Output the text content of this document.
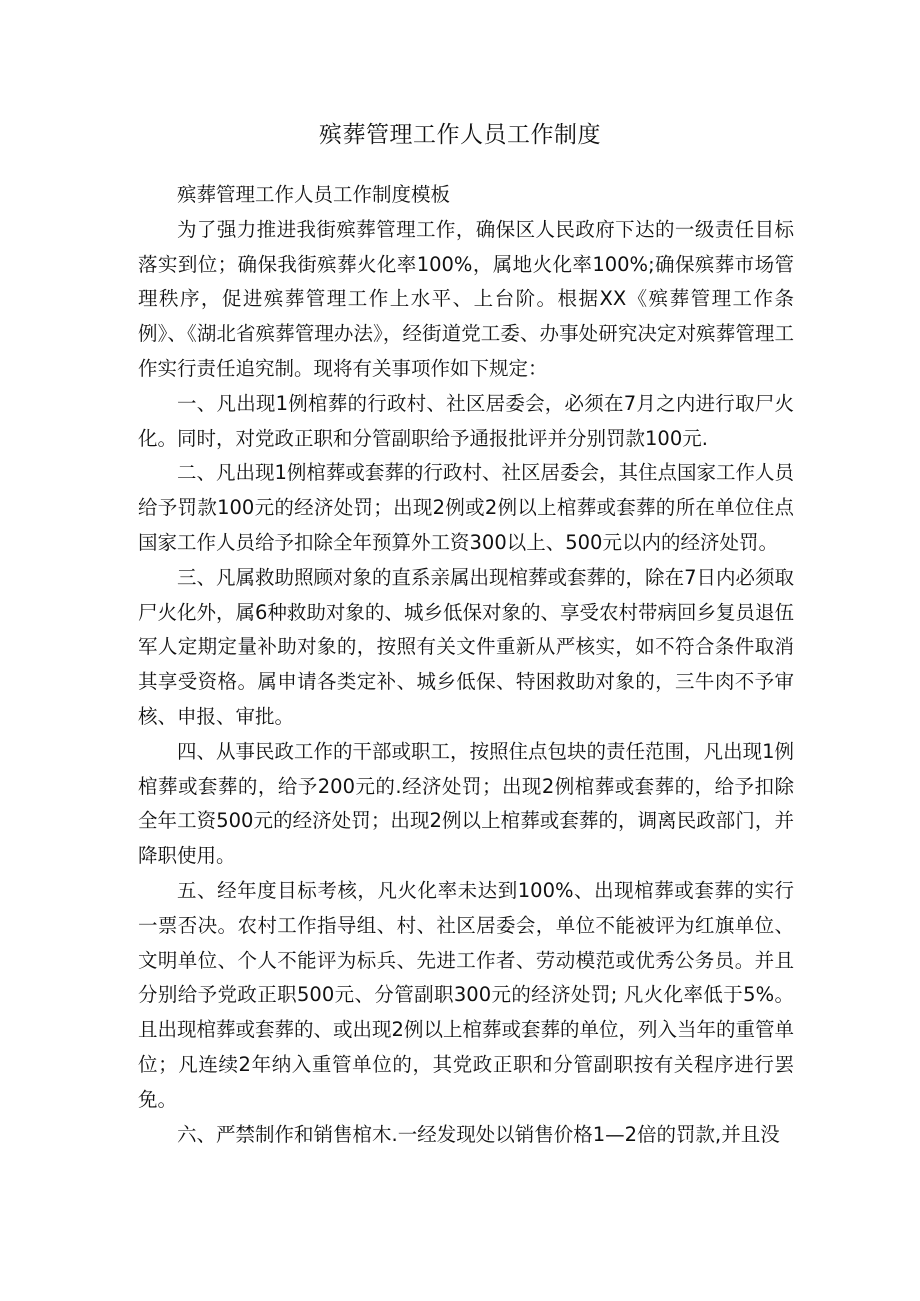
殡葬管理工作人员工作制度

殡葬管理工作人员工作制度模板

为了强力推进我街殡葬管理工作，确保区人民政府下达的一级责任目标落实到位；确保我街殡葬火化率100%，属地火化率100%;确保殡葬市场管理秩序，促进殡葬管理工作上水平、上台阶。根据XX《殡葬管理工作条例》、《湖北省殡葬管理办法》，经街道党工委、办事处研究决定对殡葬管理工作实行责任追究制。现将有关事项作如下规定：

一、凡出现1例棺葬的行政村、社区居委会，必须在7月之内进行取尸火化。同时，对党政正职和分管副职给予通报批评并分别罚款100元.

二、凡出现1例棺葬或套葬的行政村、社区居委会，其住点国家工作人员给予罚款100元的经济处罚；出现2例或2例以上棺葬或套葬的所在单位住点国家工作人员给予扣除全年预算外工资300以上、500元以内的经济处罚。

三、凡属救助照顾对象的直系亲属出现棺葬或套葬的，除在7日内必须取尸火化外，属6种救助对象的、城乡低保对象的、享受农村带病回乡复员退伍军人定期定量补助对象的，按照有关文件重新从严核实，如不符合条件取消其享受资格。属申请各类定补、城乡低保、特困救助对象的，三牛肉不予审核、申报、审批。

四、从事民政工作的干部或职工，按照住点包块的责任范围，凡出现1例棺葬或套葬的，给予200元的.经济处罚；出现2例棺葬或套葬的，给予扣除全年工资500元的经济处罚；出现2例以上棺葬或套葬的，调离民政部门，并降职使用。

五、经年度目标考核，凡火化率未达到100%、出现棺葬或套葬的实行一票否决。农村工作指导组、村、社区居委会，单位不能被评为红旗单位、文明单位、个人不能评为标兵、先进工作者、劳动模范或优秀公务员。并且分别给予党政正职500元、分管副职300元的经济处罚; 凡火化率低于5%。且出现棺葬或套葬的、或出现2例以上棺葬或套葬的单位，列入当年的重管单位；凡连续2年纳入重管单位的，其党政正职和分管副职按有关程序进行罢免。

六、严禁制作和销售棺木.一经发现处以销售价格1—2倍的罚款,并且没
